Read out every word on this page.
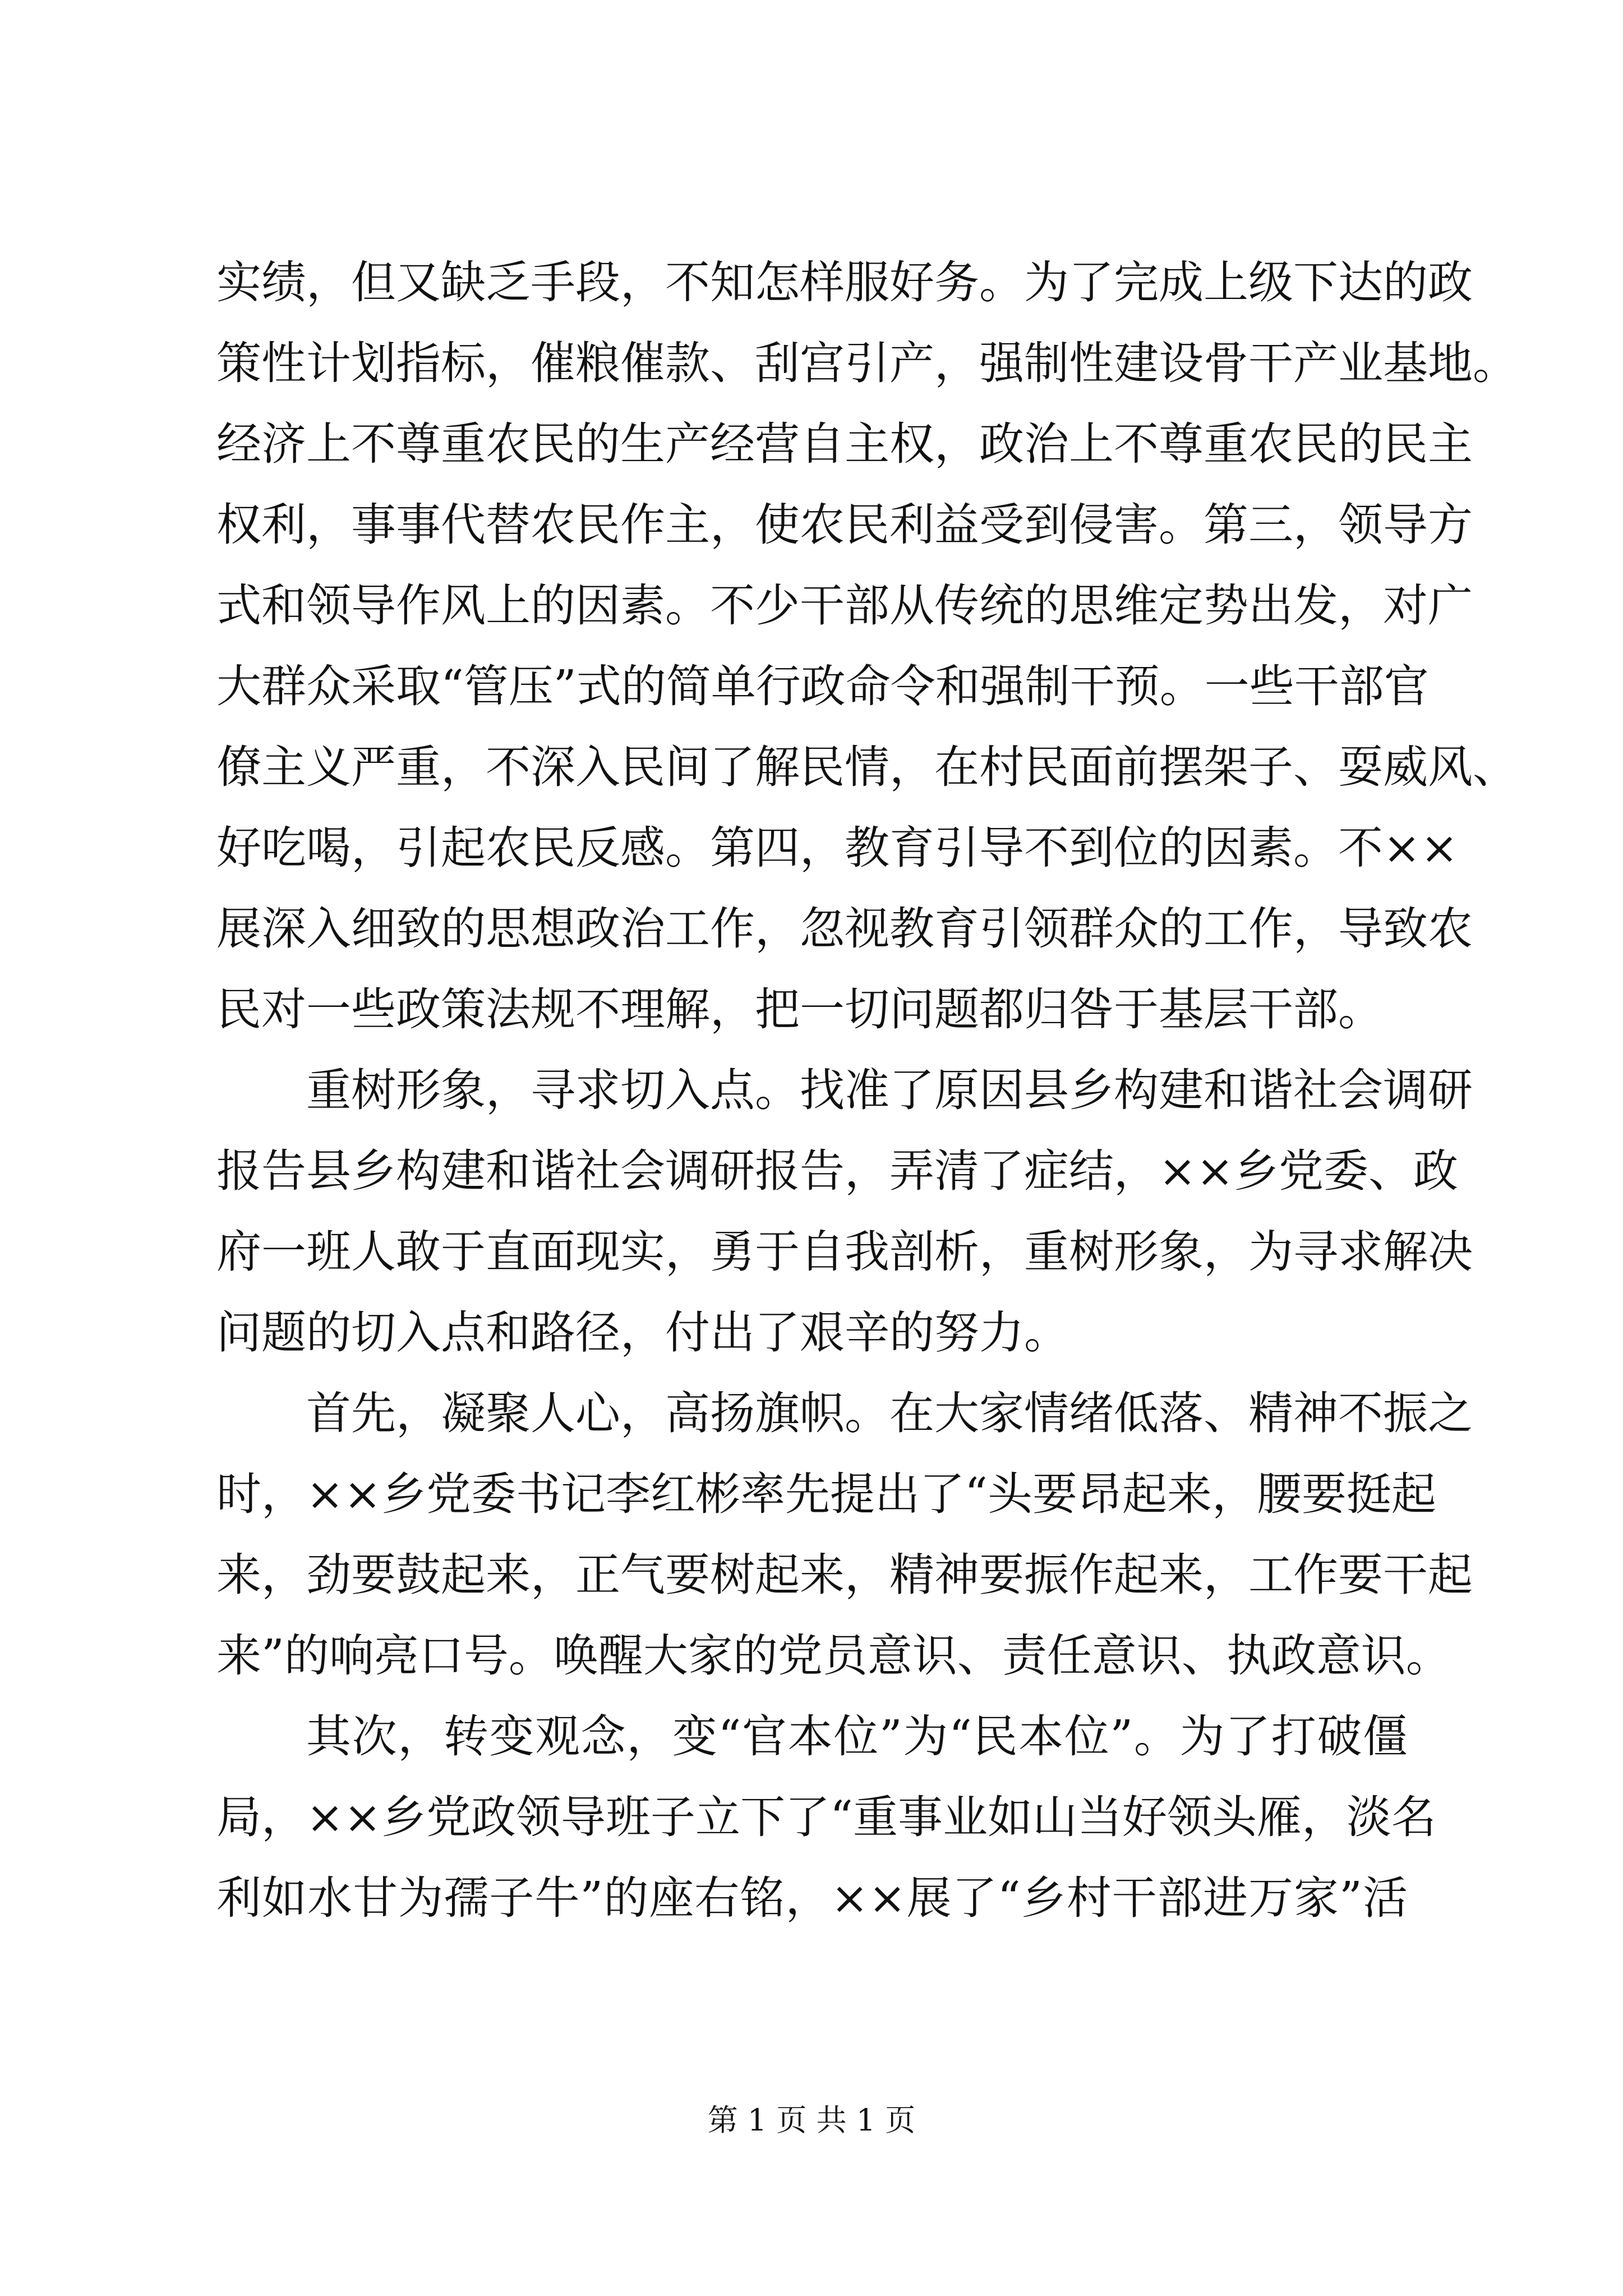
实绩，但又缺乏手段，不知怎样服好务。为了完成上级下达的政
策性计划指标，催粮催款、刮宫引产，强制性建设骨干产业基地。
经济上不尊重农民的生产经营自主权，政治上不尊重农民的民主
权利，事事代替农民作主，使农民利益受到侵害。第三，领导方
式和领导作风上的因素。不少干部从传统的思维定势出发，对广
大群众采取“管压”式的简单行政命令和强制干预。一些干部官
僚主义严重，不深入民间了解民情，在村民面前摆架子、耍威风、
好吃喝，引起农民反感。第四，教育引导不到位的因素。不××
展深入细致的思想政治工作，忽视教育引领群众的工作，导致农
民对一些政策法规不理解，把一切问题都归咎于基层干部。
重树形象，寻求切入点。找准了原因县乡构建和谐社会调研
报告县乡构建和谐社会调研报告，弄清了症结，××乡党委、政
府一班人敢于直面现实，勇于自我剖析，重树形象，为寻求解决
问题的切入点和路径，付出了艰辛的努力。
首先，凝聚人心，高扬旗帜。在大家情绪低落、精神不振之
时，××乡党委书记李红彬率先提出了“头要昂起来，腰要挺起
来，劲要鼓起来，正气要树起来，精神要振作起来，工作要干起
来”的响亮口号。唤醒大家的党员意识、责任意识、执政意识。
其次，转变观念，变“官本位”为“民本位”。为了打破僵
局，××乡党政领导班子立下了“重事业如山当好领头雁，淡名
利如水甘为孺子牛”的座右铭，××展了“乡村干部进万家”活
第 1 页 共 1 页
